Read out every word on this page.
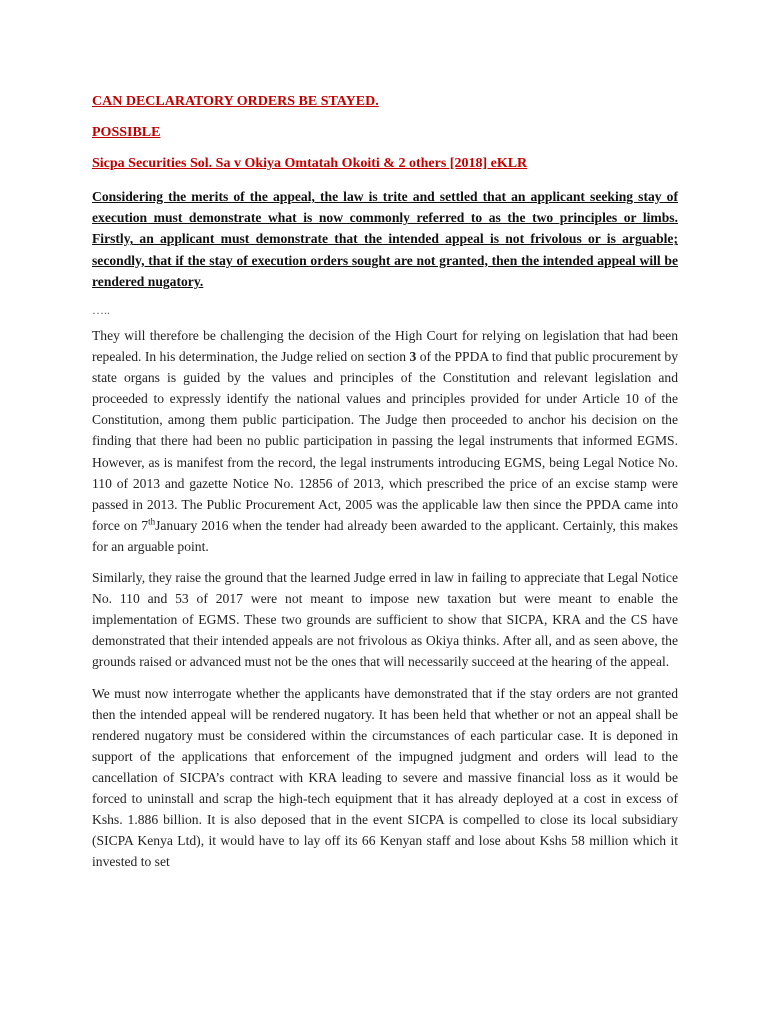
CAN DECLARATORY ORDERS BE STAYED.
POSSIBLE
Sicpa Securities Sol. Sa v Okiya Omtatah Okoiti & 2 others [2018] eKLR

Considering the merits of the appeal, the law is trite and settled that an applicant seeking stay of execution must demonstrate what is now commonly referred to as the two principles or limbs. Firstly, an applicant must demonstrate that the intended appeal is not frivolous or is arguable; secondly, that if the stay of execution orders sought are not granted, then the intended appeal will be rendered nugatory.

…..

They will therefore be challenging the decision of the High Court for relying on legislation that had been repealed. In his determination, the Judge relied on section 3 of the PPDA to find that public procurement by state organs is guided by the values and principles of the Constitution and relevant legislation and proceeded to expressly identify the national values and principles provided for under Article 10 of the Constitution, among them public participation. The Judge then proceeded to anchor his decision on the finding that there had been no public participation in passing the legal instruments that informed EGMS. However, as is manifest from the record, the legal instruments introducing EGMS, being Legal Notice No. 110 of 2013 and gazette Notice No. 12856 of 2013, which prescribed the price of an excise stamp were passed in 2013. The Public Procurement Act, 2005 was the applicable law then since the PPDA came into force on 7thJanuary 2016 when the tender had already been awarded to the applicant. Certainly, this makes for an arguable point.

Similarly, they raise the ground that the learned Judge erred in law in failing to appreciate that Legal Notice No. 110 and 53 of 2017 were not meant to impose new taxation but were meant to enable the implementation of EGMS. These two grounds are sufficient to show that SICPA, KRA and the CS have demonstrated that their intended appeals are not frivolous as Okiya thinks. After all, and as seen above, the grounds raised or advanced must not be the ones that will necessarily succeed at the hearing of the appeal.

We must now interrogate whether the applicants have demonstrated that if the stay orders are not granted then the intended appeal will be rendered nugatory. It has been held that whether or not an appeal shall be rendered nugatory must be considered within the circumstances of each particular case. It is deponed in support of the applications that enforcement of the impugned judgment and orders will lead to the cancellation of SICPA’s contract with KRA leading to severe and massive financial loss as it would be forced to uninstall and scrap the high-tech equipment that it has already deployed at a cost in excess of Kshs. 1.886 billion. It is also deposed that in the event SICPA is compelled to close its local subsidiary (SICPA Kenya Ltd), it would have to lay off its 66 Kenyan staff and lose about Kshs 58 million which it invested to set
